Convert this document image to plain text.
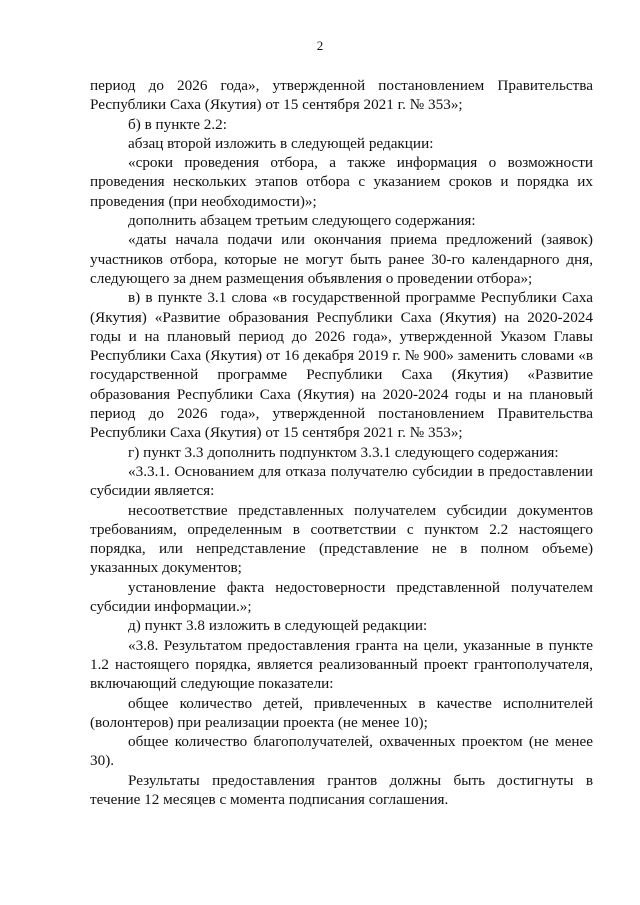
2

период до 2026 года», утвержденной постановлением Правительства Республики Саха (Якутия) от 15 сентября 2021 г. № 353»;

б) в пункте 2.2:

абзац второй изложить в следующей редакции:

«сроки проведения отбора, а также информация о возможности проведения нескольких этапов отбора с указанием сроков и порядка их проведения (при необходимости)»;

дополнить абзацем третьим следующего содержания:

«даты начала подачи или окончания приема предложений (заявок) участников отбора, которые не могут быть ранее 30-го календарного дня, следующего за днем размещения объявления о проведении отбора»;

в) в пункте 3.1 слова «в государственной программе Республики Саха (Якутия) «Развитие образования Республики Саха (Якутия) на 2020-2024 годы и на плановый период до 2026 года», утвержденной Указом Главы Республики Саха (Якутия) от 16 декабря 2019 г. № 900» заменить словами «в государственной программе Республики Саха (Якутия) «Развитие образования Республики Саха (Якутия) на 2020-2024 годы и на плановый период до 2026 года», утвержденной постановлением Правительства Республики Саха (Якутия) от 15 сентября 2021 г. № 353»;

г) пункт 3.3 дополнить подпунктом 3.3.1 следующего содержания:

«3.3.1. Основанием для отказа получателю субсидии в предоставлении субсидии является:

несоответствие представленных получателем субсидии документов требованиям, определенным в соответствии с пунктом 2.2 настоящего порядка, или непредставление (представление не в полном объеме) указанных документов;

установление факта недостоверности представленной получателем субсидии информации.»;

д) пункт 3.8 изложить в следующей редакции:

«3.8. Результатом предоставления гранта на цели, указанные в пункте 1.2 настоящего порядка, является реализованный проект грантополучателя, включающий следующие показатели:

общее количество детей, привлеченных в качестве исполнителей (волонтеров) при реализации проекта (не менее 10);

общее количество благополучателей, охваченных проектом (не менее 30).

Результаты предоставления грантов должны быть достигнуты в течение 12 месяцев с момента подписания соглашения.
